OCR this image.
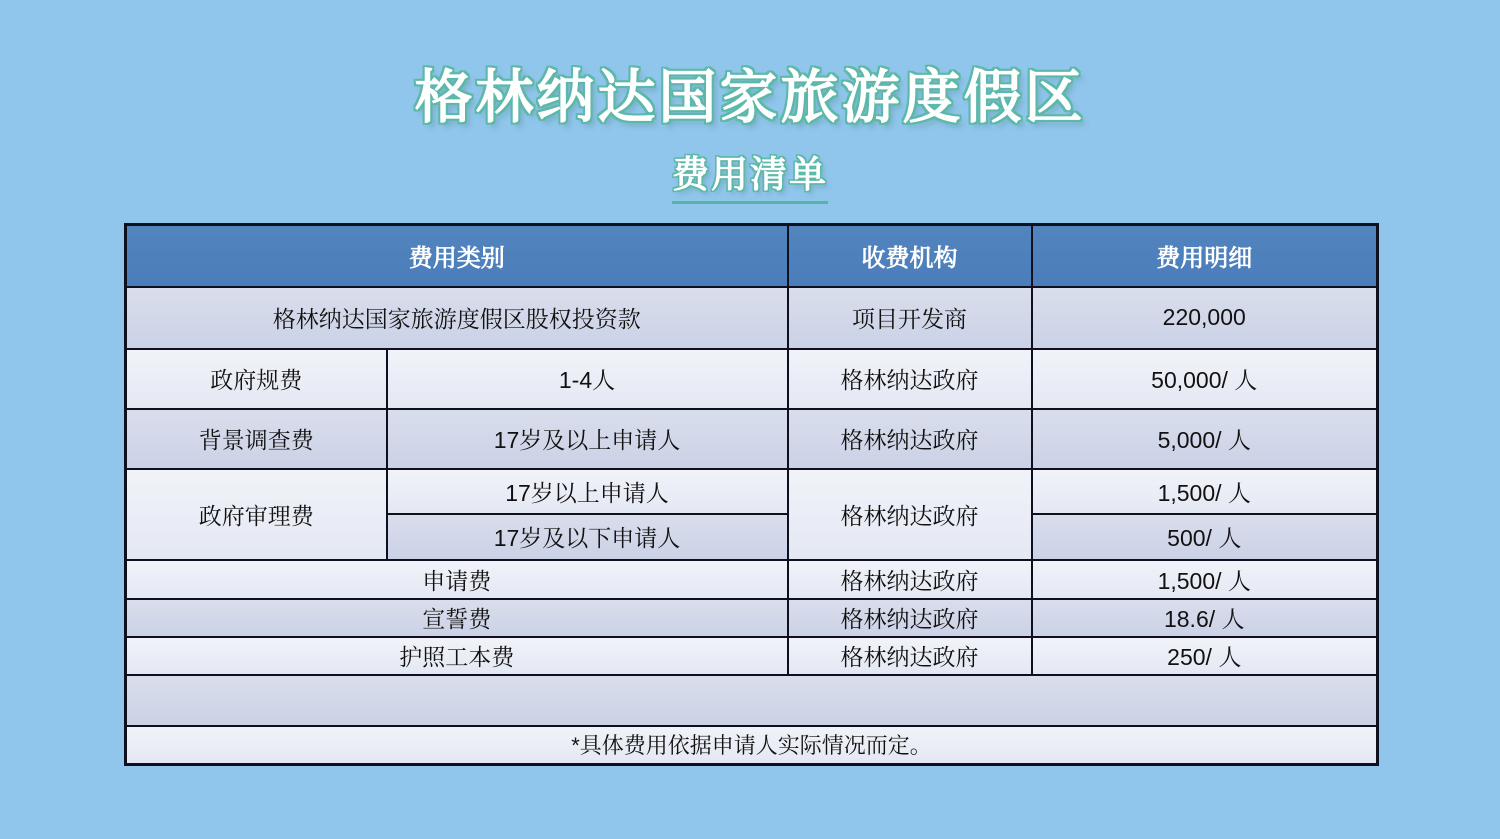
格林纳达国家旅游度假区
费用清单
费用类别		收费机构	费用明细
格林纳达国家旅游度假区股权投资款		项目开发商	220,000
政府规费	1-4人	格林纳达政府	50,000/ 人
背景调查费	17岁及以上申请人	格林纳达政府	5,000/ 人
政府审理费	17岁以上申请人	格林纳达政府	1,500/ 人
	17岁及以下申请人		500/ 人
申请费		格林纳达政府	1,500/ 人
宣誓费		格林纳达政府	18.6/ 人
护照工本费		格林纳达政府	250/ 人

*具体费用依据申请人实际情况而定。			
